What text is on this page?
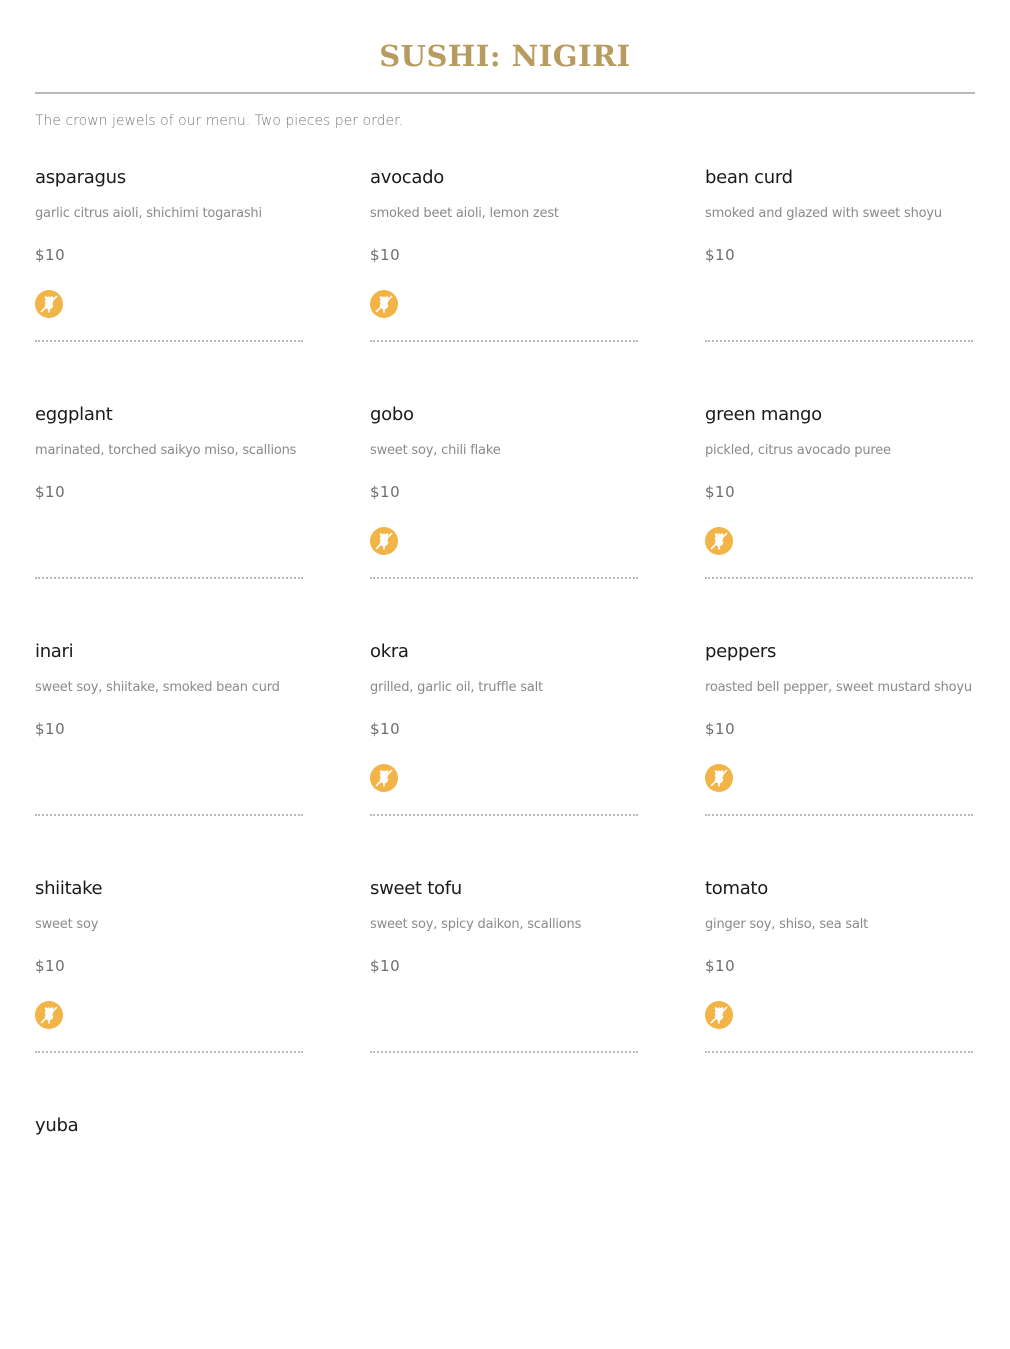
SUSHI: NIGIRI

The crown jewels of our menu. Two pieces per order.

asparagus

garlic citrus aioli, shichimi togarashi

$10

avocado

smoked beet aioli, lemon zest

$10

bean curd

smoked and glazed with sweet shoyu

$10

eggplant

marinated, torched saikyo miso, scallions

$10

gobo

sweet soy, chili flake

$10

green mango

pickled, citrus avocado puree

$10

inari

sweet soy, shiitake, smoked bean curd

$10

okra

grilled, garlic oil, truffle salt

$10

peppers

roasted bell pepper, sweet mustard shoyu

$10

shiitake

sweet soy

$10

sweet tofu

sweet soy, spicy daikon, scallions

$10

tomato

ginger soy, shiso, sea salt

$10

yuba
